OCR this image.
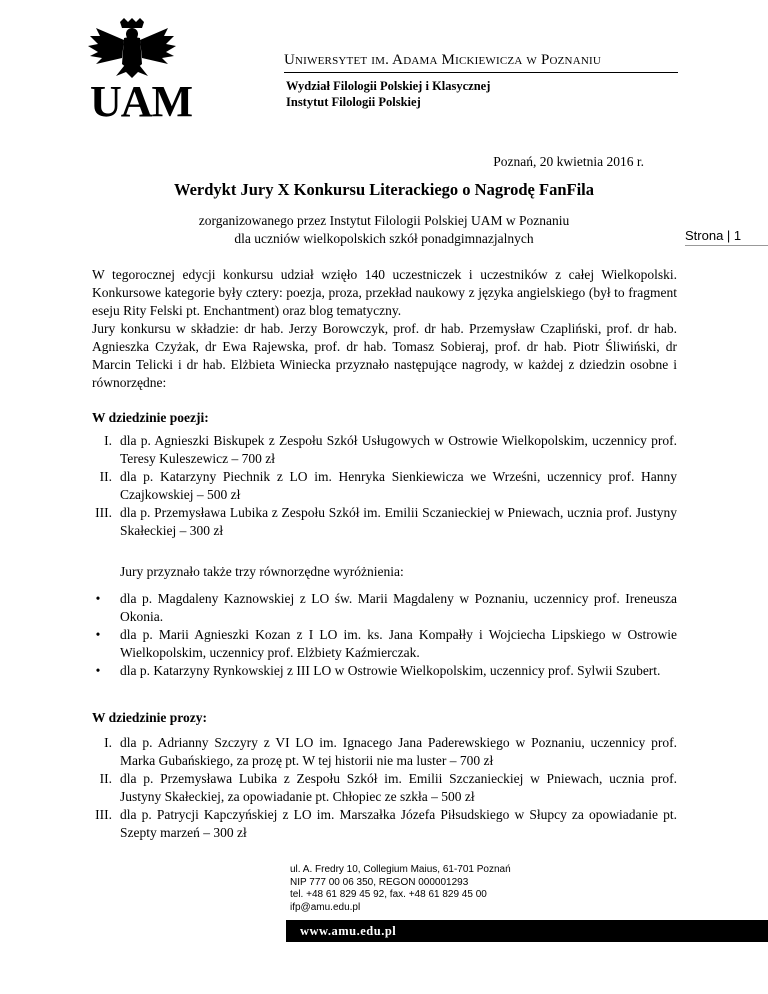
UAM
Uniwersytet im. Adama Mickiewicza w Poznaniu
Wydział Filologii Polskiej i Klasycznej
Instytut Filologii Polskiej
Poznań, 20 kwietnia 2016 r.
Werdykt Jury X Konkursu Literackiego o Nagrodę FanFila
zorganizowanego przez Instytut Filologii Polskiej UAM w Poznaniu
dla uczniów wielkopolskich szkół ponadgimnazjalnych	Strona | 1

W tegorocznej edycji konkursu udział wzięło 140 uczestniczek i uczestników z całej Wielkopolski. Konkursowe kategorie były cztery: poezja, proza, przekład naukowy z języka angielskiego (był to fragment eseju Rity Felski pt. Enchantment) oraz blog tematyczny.

Jury konkursu w składzie: dr hab. Jerzy Borowczyk, prof. dr hab. Przemysław Czapliński, prof. dr hab. Agnieszka Czyżak, dr Ewa Rajewska, prof. dr hab. Tomasz Sobieraj, prof. dr hab. Piotr Śliwiński, dr Marcin Telicki i dr hab. Elżbieta Winiecka przyznało następujące nagrody, w każdej z dziedzin osobne i równorzędne:

W dziedzinie poezji:
I. dla p. Agnieszki Biskupek z Zespołu Szkół Usługowych w Ostrowie Wielkopolskim, uczennicy prof. Teresy Kuleszewicz – 700 zł
II. dla p. Katarzyny Piechnik z LO im. Henryka Sienkiewicza we Wrześni, uczennicy prof. Hanny Czajkowskiej – 500 zł
III. dla p. Przemysława Lubika z Zespołu Szkół im. Emilii Sczanieckiej w Pniewach, ucznia prof. Justyny Skałeckiej – 300 zł
Jury przyznało także trzy równorzędne wyróżnienia:
• dla p. Magdaleny Kaznowskiej z LO św. Marii Magdaleny w Poznaniu, uczennicy prof. Ireneusza Okonia.
• dla p. Marii Agnieszki Kozan z I LO im. ks. Jana Kompałły i Wojciecha Lipskiego w Ostrowie Wielkopolskim, uczennicy prof. Elżbiety Kaźmierczak.
• dla p. Katarzyny Rynkowskiej z III LO w Ostrowie Wielkopolskim, uczennicy prof. Sylwii Szubert.
W dziedzinie prozy:
I. dla p. Adrianny Szczyry z VI LO im. Ignacego Jana Paderewskiego w Poznaniu, uczennicy prof. Marka Gubańskiego, za prozę pt. W tej historii nie ma luster – 700 zł
II. dla p. Przemysława Lubika z Zespołu Szkół im. Emilii Szczanieckiej w Pniewach, ucznia prof. Justyny Skałeckiej, za opowiadanie pt. Chłopiec ze szkła – 500 zł
III. dla p. Patrycji Kapczyńskiej z LO im. Marszałka Józefa Piłsudskiego w Słupcy za opowiadanie pt. Szepty marzeń – 300 zł
ul. A. Fredry 10, Collegium Maius, 61-701 Poznań
NIP 777 00 06 350, REGON 000001293
tel. +48 61 829 45 92, fax. +48 61 829 45 00
ifp@amu.edu.pl
www.amu.edu.pl
